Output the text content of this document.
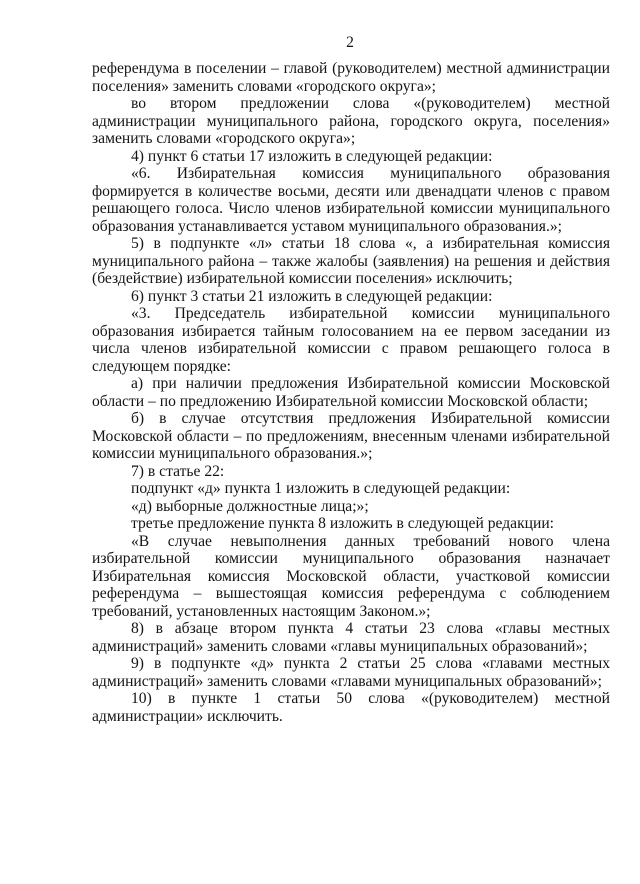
2

референдума в поселении – главой (руководителем) местной администрации поселения» заменить словами «городского округа»;

во втором предложении слова «(руководителем) местной администрации муниципального района, городского округа, поселения» заменить словами «городского округа»;

4) пункт 6 статьи 17 изложить в следующей редакции:

«6. Избирательная комиссия муниципального образования формируется в количестве восьми, десяти или двенадцати членов с правом решающего голоса. Число членов избирательной комиссии муниципального образования устанавливается уставом муниципального образования.»;

5) в подпункте «л» статьи 18 слова «, а избирательная комиссия муниципального района – также жалобы (заявления) на решения и действия (бездействие) избирательной комиссии поселения» исключить;

6) пункт 3 статьи 21 изложить в следующей редакции:

«3. Председатель избирательной комиссии муниципального образования избирается тайным голосованием на ее первом заседании из числа членов избирательной комиссии с правом решающего голоса в следующем порядке:

а) при наличии предложения Избирательной комиссии Московской области – по предложению Избирательной комиссии Московской области;

б) в случае отсутствия предложения Избирательной комиссии Московской области – по предложениям, внесенным членами избирательной комиссии муниципального образования.»;

7) в статье 22:

подпункт «д» пункта 1 изложить в следующей редакции:

«д) выборные должностные лица;»;

третье предложение пункта 8 изложить в следующей редакции:

«В случае невыполнения данных требований нового члена избирательной комиссии муниципального образования назначает Избирательная комиссия Московской области, участковой комиссии референдума – вышестоящая комиссия референдума с соблюдением требований, установленных настоящим Законом.»;

8) в абзаце втором пункта 4 статьи 23 слова «главы местных администраций» заменить словами «главы муниципальных образований»;

9) в подпункте «д» пункта 2 статьи 25 слова «главами местных администраций» заменить словами «главами муниципальных образований»;

10) в пункте 1 статьи 50 слова «(руководителем) местной администрации» исключить.
